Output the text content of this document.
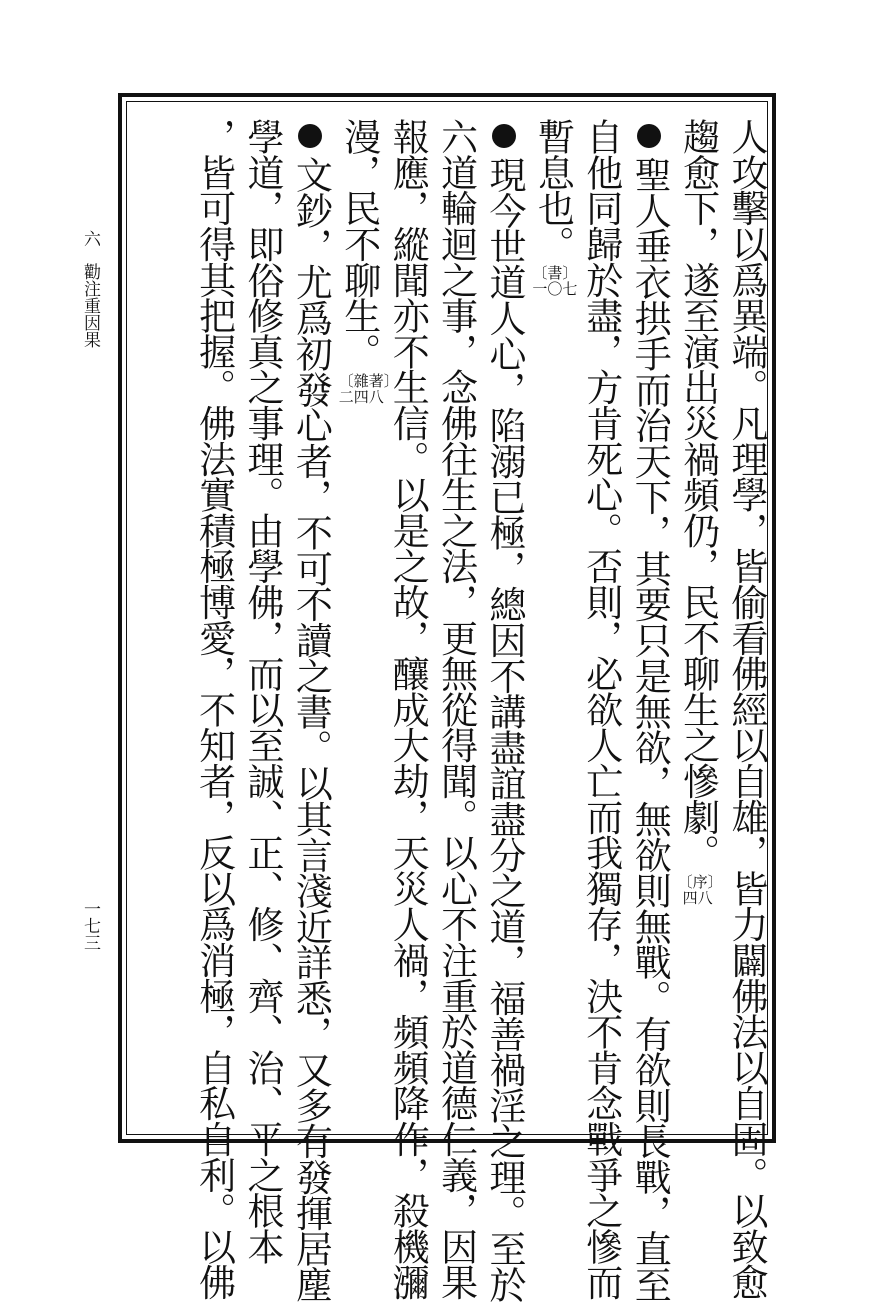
六勸注重因果
一七三	人攻擊以爲異端。凡理學，皆偷看佛經以自雄，皆力闢佛法以自固。以致愈
趨愈下，遂至演出災禍頻仍，民不聊生之慘劇。
〔序〕
四八
聖人垂衣拱手而治天下，其要只是無欲，無欲則無戰。有欲則長戰，直至
自他同歸於盡，方肯死心。否則，必欲人亡而我獨存，決不肯念戰爭之慘而
暫息也。
〔書〕
一〇七
現今世道人心，陷溺已極，總因不講盡誼盡分之道，福善禍淫之理。至於
六道輪迴之事，念佛往生之法，更無從得聞。以心不注重於道德仁義，因果
報應，縱聞亦不生信。以是之故，釀成大劫，天災人禍，頻頻降作，殺機瀰
漫，民不聊生。
〔雜著〕
二四八
文鈔，尤爲初發心者，不可不讀之書。以其言淺近詳悉，又多有發揮居塵
學道，即俗修真之事理。由學佛，而以至誠、正、修、齊、治、平之根本
，皆可得其把握。佛法實積極博愛，不知者，反以爲消極，自私自利。以佛
